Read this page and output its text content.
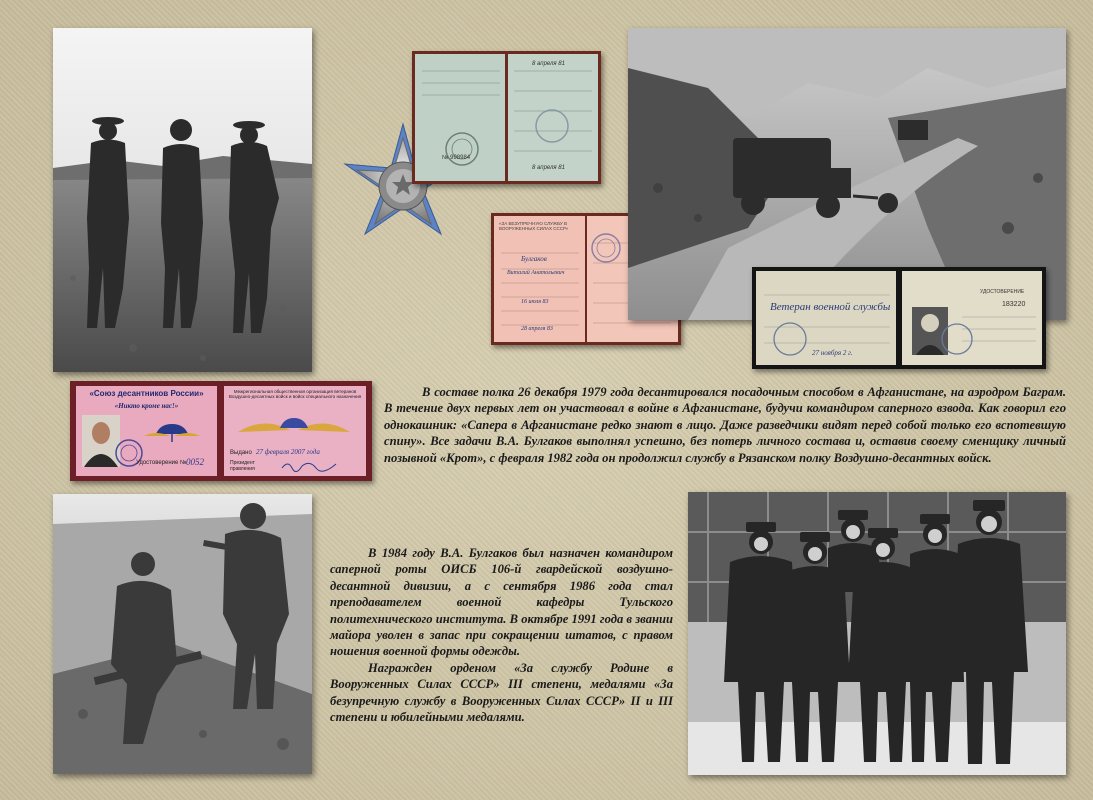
№ 998984
8 апреля 81
8 апреля 81
«ЗА БЕЗУПРЕЧНУЮ СЛУЖБУ В ВООРУЖЕННЫХ СИЛАХ СССР»
Булгаков
Виталий Анатольевич
16 июля 83
28 апреля 83
Ветеран военной службы	183220
УДОСТОВЕРЕНИЕ
27 ноября 2 г.
«Союз десантников России»
«Никто кроме нас!»
Удостоверение № 0052
Межрегиональная общественная организация ветеранов Воздушно-десантных войск и войск специального назначения
Выдано 27 февраля 2007 года
Президент правления

В составе полка 26 декабря 1979 года десантировался посадочным способом в Афганистане, на аэродром Баграм. В течение двух первых лет он участвовал в войне в Афганистане, будучи командиром саперного взвода. Как говорил его однокашник: «Сапера в Афганистане редко знают в лицо. Даже разведчики видят перед собой только его вспотевшую спину». Все задачи В.А. Булгаков выполнял успешно, без потерь личного состава и, оставив своему сменщику личный позывной «Крот», с февраля 1982 года он продолжил службу в Рязанском полку Воздушно-десантных войск.

В 1984 году В.А. Булгаков был назначен командиром саперной роты ОИСБ 106-й гвардейской воздушно-десантной дивизии, а с сентября 1986 года стал преподавателем военной кафедры Тульского политехнического института. В октябре 1991 года в звании майора уволен в запас при сокращении штатов, с правом ношения военной формы одежды.

Награжден орденом «За службу Родине в Вооруженных Силах СССР» III степени, медалями «За безупречную службу в Вооруженных Силах СССР» II и III степени и юбилейными медалями.
